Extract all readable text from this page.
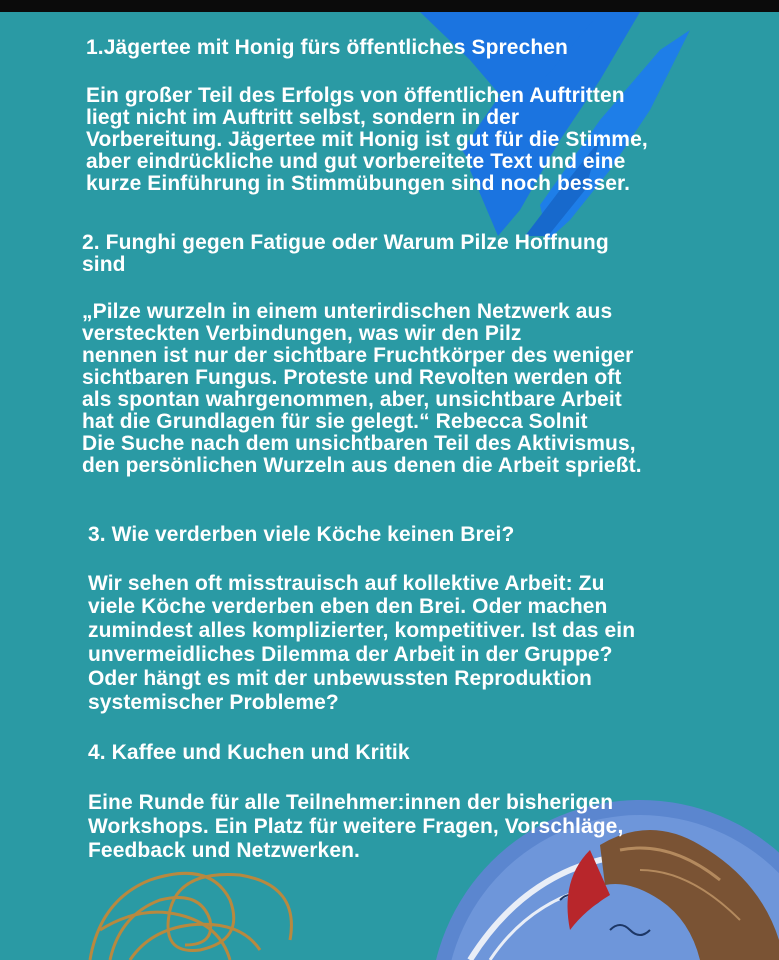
1.Jägertee mit Honig fürs öffentliches Sprechen
Ein großer Teil des Erfolgs von öffentlichen Auftritten
liegt nicht im Auftritt selbst, sondern in der
Vorbereitung. Jägertee mit Honig ist gut für die Stimme,
aber eindrückliche und gut vorbereitete Text und eine
kurze Einführung in Stimmübungen sind noch besser.
2. Funghi gegen Fatigue oder Warum Pilze Hoffnung
sind
„Pilze wurzeln in einem unterirdischen Netzwerk aus
versteckten Verbindungen, was wir den Pilz
nennen ist nur der sichtbare Fruchtkörper des weniger
sichtbaren Fungus. Proteste und Revolten werden oft
als spontan wahrgenommen, aber, unsichtbare Arbeit
hat die Grundlagen für sie gelegt.“ Rebecca Solnit
Die Suche nach dem unsichtbaren Teil des Aktivismus,
den persönlichen Wurzeln aus denen die Arbeit sprießt.
3. Wie verderben viele Köche keinen Brei?
Wir sehen oft misstrauisch auf kollektive Arbeit: Zu
viele Köche verderben eben den Brei. Oder machen
zumindest alles komplizierter, kompetitiver. Ist das ein
unvermeidliches Dilemma der Arbeit in der Gruppe?
Oder hängt es mit der unbewussten Reproduktion
systemischer Probleme?
4. Kaffee und Kuchen und Kritik
Eine Runde für alle Teilnehmer:innen der bisherigen
Workshops. Ein Platz für weitere Fragen, Vorschläge,
Feedback und Netzwerken.
